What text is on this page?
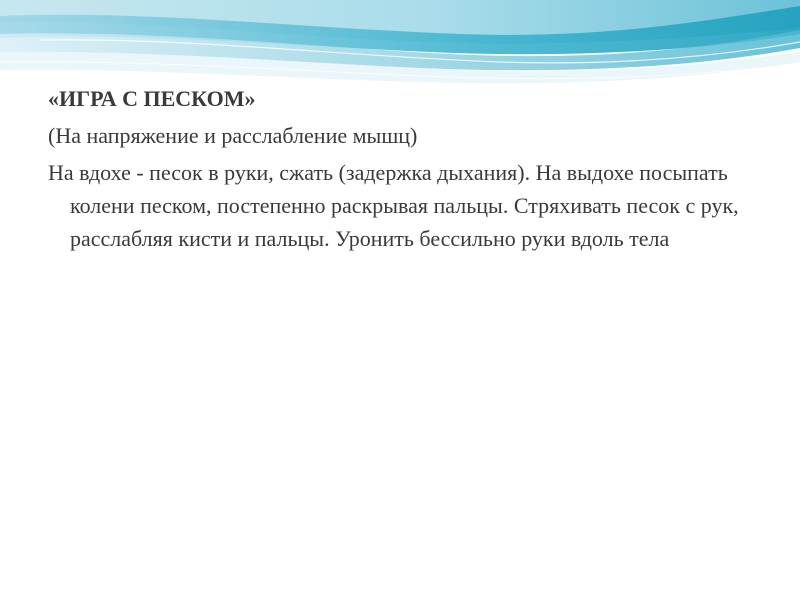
«ИГРА С ПЕСКОМ»

(На напряжение и расслабление мышц)

На вдохе - песок в руки, сжать (задержка дыхания). На выдохе посыпать колени песком, постепенно раскрывая пальцы. Стряхивать песок с рук, расслабляя кисти и пальцы. Уронить бессильно руки вдоль тела
